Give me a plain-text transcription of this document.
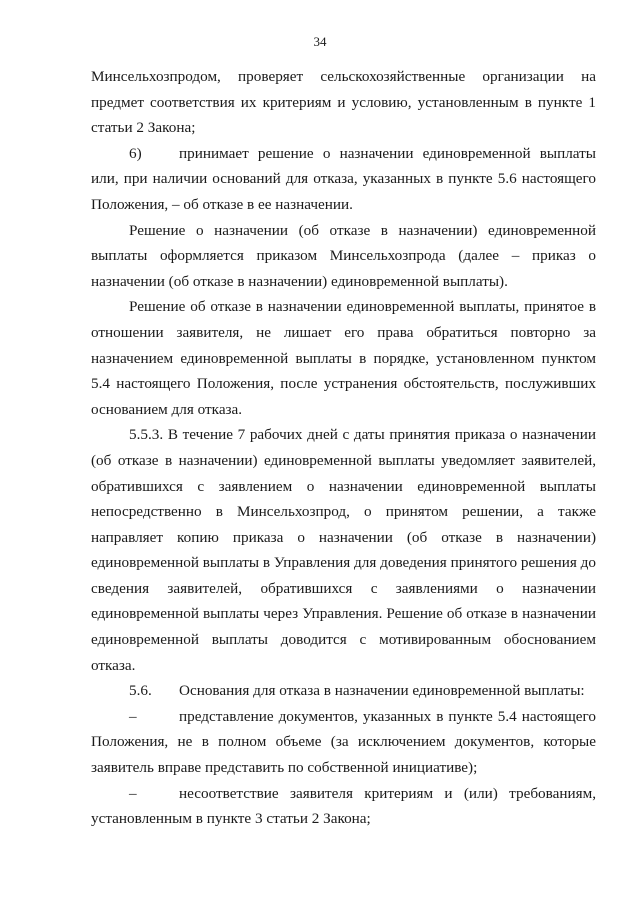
34

Минсельхозпродом, проверяет сельскохозяйственные организации на предмет соответствия их критериям и условию, установленным в пункте 1 статьи 2 Закона;

6) принимает решение о назначении единовременной выплаты или, при наличии оснований для отказа, указанных в пункте 5.6 настоящего Положения, – об отказе в ее назначении.

Решение о назначении (об отказе в назначении) единовременной выплаты оформляется приказом Минсельхозпрода (далее – приказ о назначении (об отказе в назначении) единовременной выплаты).

Решение об отказе в назначении единовременной выплаты, принятое в отношении заявителя, не лишает его права обратиться повторно за назначением единовременной выплаты в порядке, установленном пунктом 5.4 настоящего Положения, после устранения обстоятельств, послуживших основанием для отказа.

5.5.3. В течение 7 рабочих дней с даты принятия приказа о назначении (об отказе в назначении) единовременной выплаты уведомляет заявителей, обратившихся с заявлением о назначении единовременной выплаты непосредственно в Минсельхозпрод, о принятом решении, а также направляет копию приказа о назначении (об отказе в назначении) единовременной выплаты в Управления для доведения принятого решения до сведения заявителей, обратившихся с заявлениями о назначении единовременной выплаты через Управления. Решение об отказе в назначении единовременной выплаты доводится с мотивированным обоснованием отказа.

5.6. Основания для отказа в назначении единовременной выплаты:

–	представление документов, указанных в пункте 5.4 настоящего Положения, не в полном объеме (за исключением документов, которые заявитель вправе представить по собственной инициативе);

–	несоответствие заявителя критериям и (или) требованиям, установленным в пункте 3 статьи 2 Закона;
